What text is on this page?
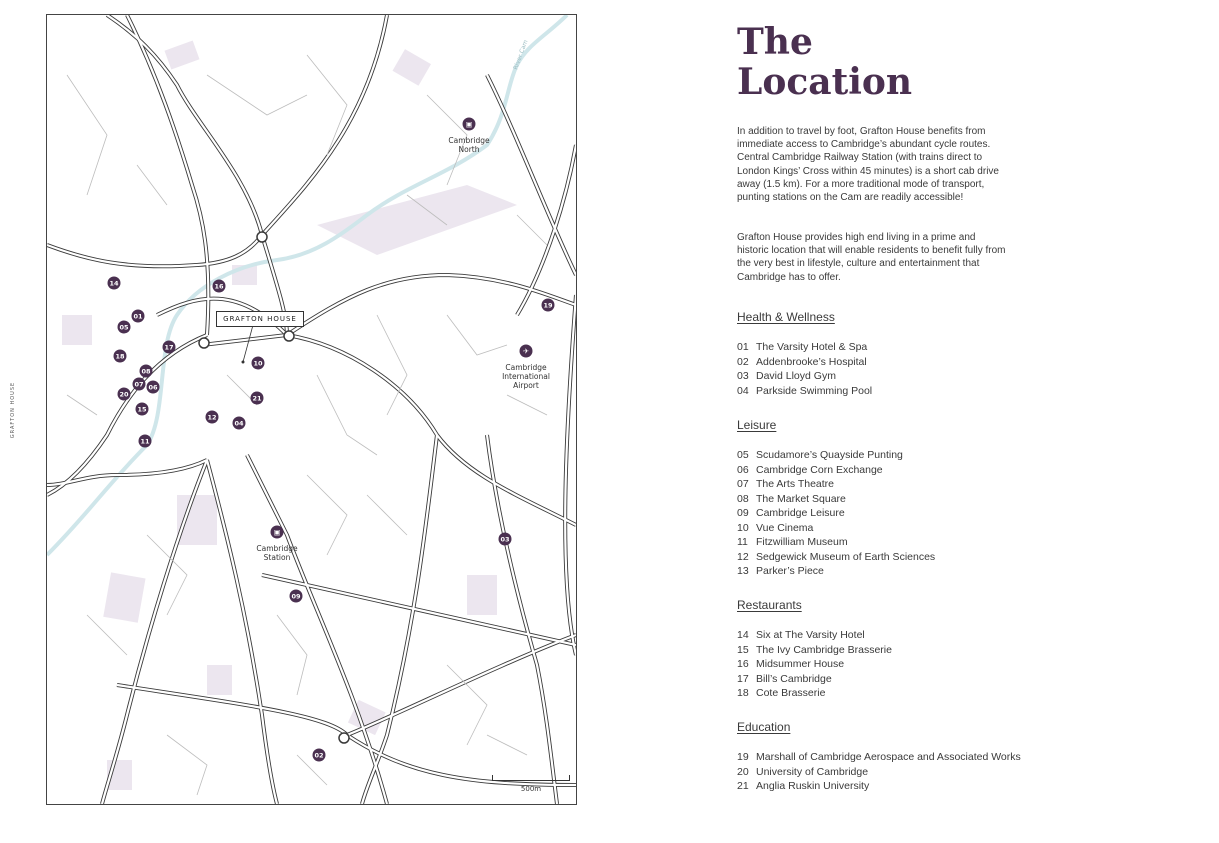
GRAFTON HOUSE
River Cam
GRAFTON HOUSE
▣
Cambridge
North
✈
Cambridge
International
Airport
▣
Cambridge
Station
01
02
03
04
05
06
07
08
09
10
11
12
14
15
16
17
18
19
20	21
500m
The
Location
In addition to travel by foot, Grafton House benefits from immediate access to Cambridge’s abundant cycle routes. Central Cambridge Railway Station (with trains direct to London Kings’ Cross within 45 minutes) is a short cab drive away (1.5 km). For a more traditional mode of transport, punting stations on the Cam are readily accessible!
Grafton House provides high end living in a prime and historic location that will enable residents to benefit fully from the very best in lifestyle, culture and entertainment that Cambridge has to offer.
Health & Wellness
01 The Varsity Hotel & Spa
02 Addenbrooke’s Hospital
03 David Lloyd Gym
04 Parkside Swimming Pool
Leisure
05 Scudamore’s Quayside Punting
06 Cambridge Corn Exchange
07 The Arts Theatre
08 The Market Square
09 Cambridge Leisure
10 Vue Cinema
11 Fitzwilliam Museum
12 Sedgewick Museum of Earth Sciences
13 Parker’s Piece
Restaurants
14 Six at The Varsity Hotel
15 The Ivy Cambridge Brasserie
16 Midsummer House
17 Bill’s Cambridge
18 Cote Brasserie
Education
19 Marshall of Cambridge Aerospace and Associated Works
20 University of Cambridge
21 Anglia Ruskin University
